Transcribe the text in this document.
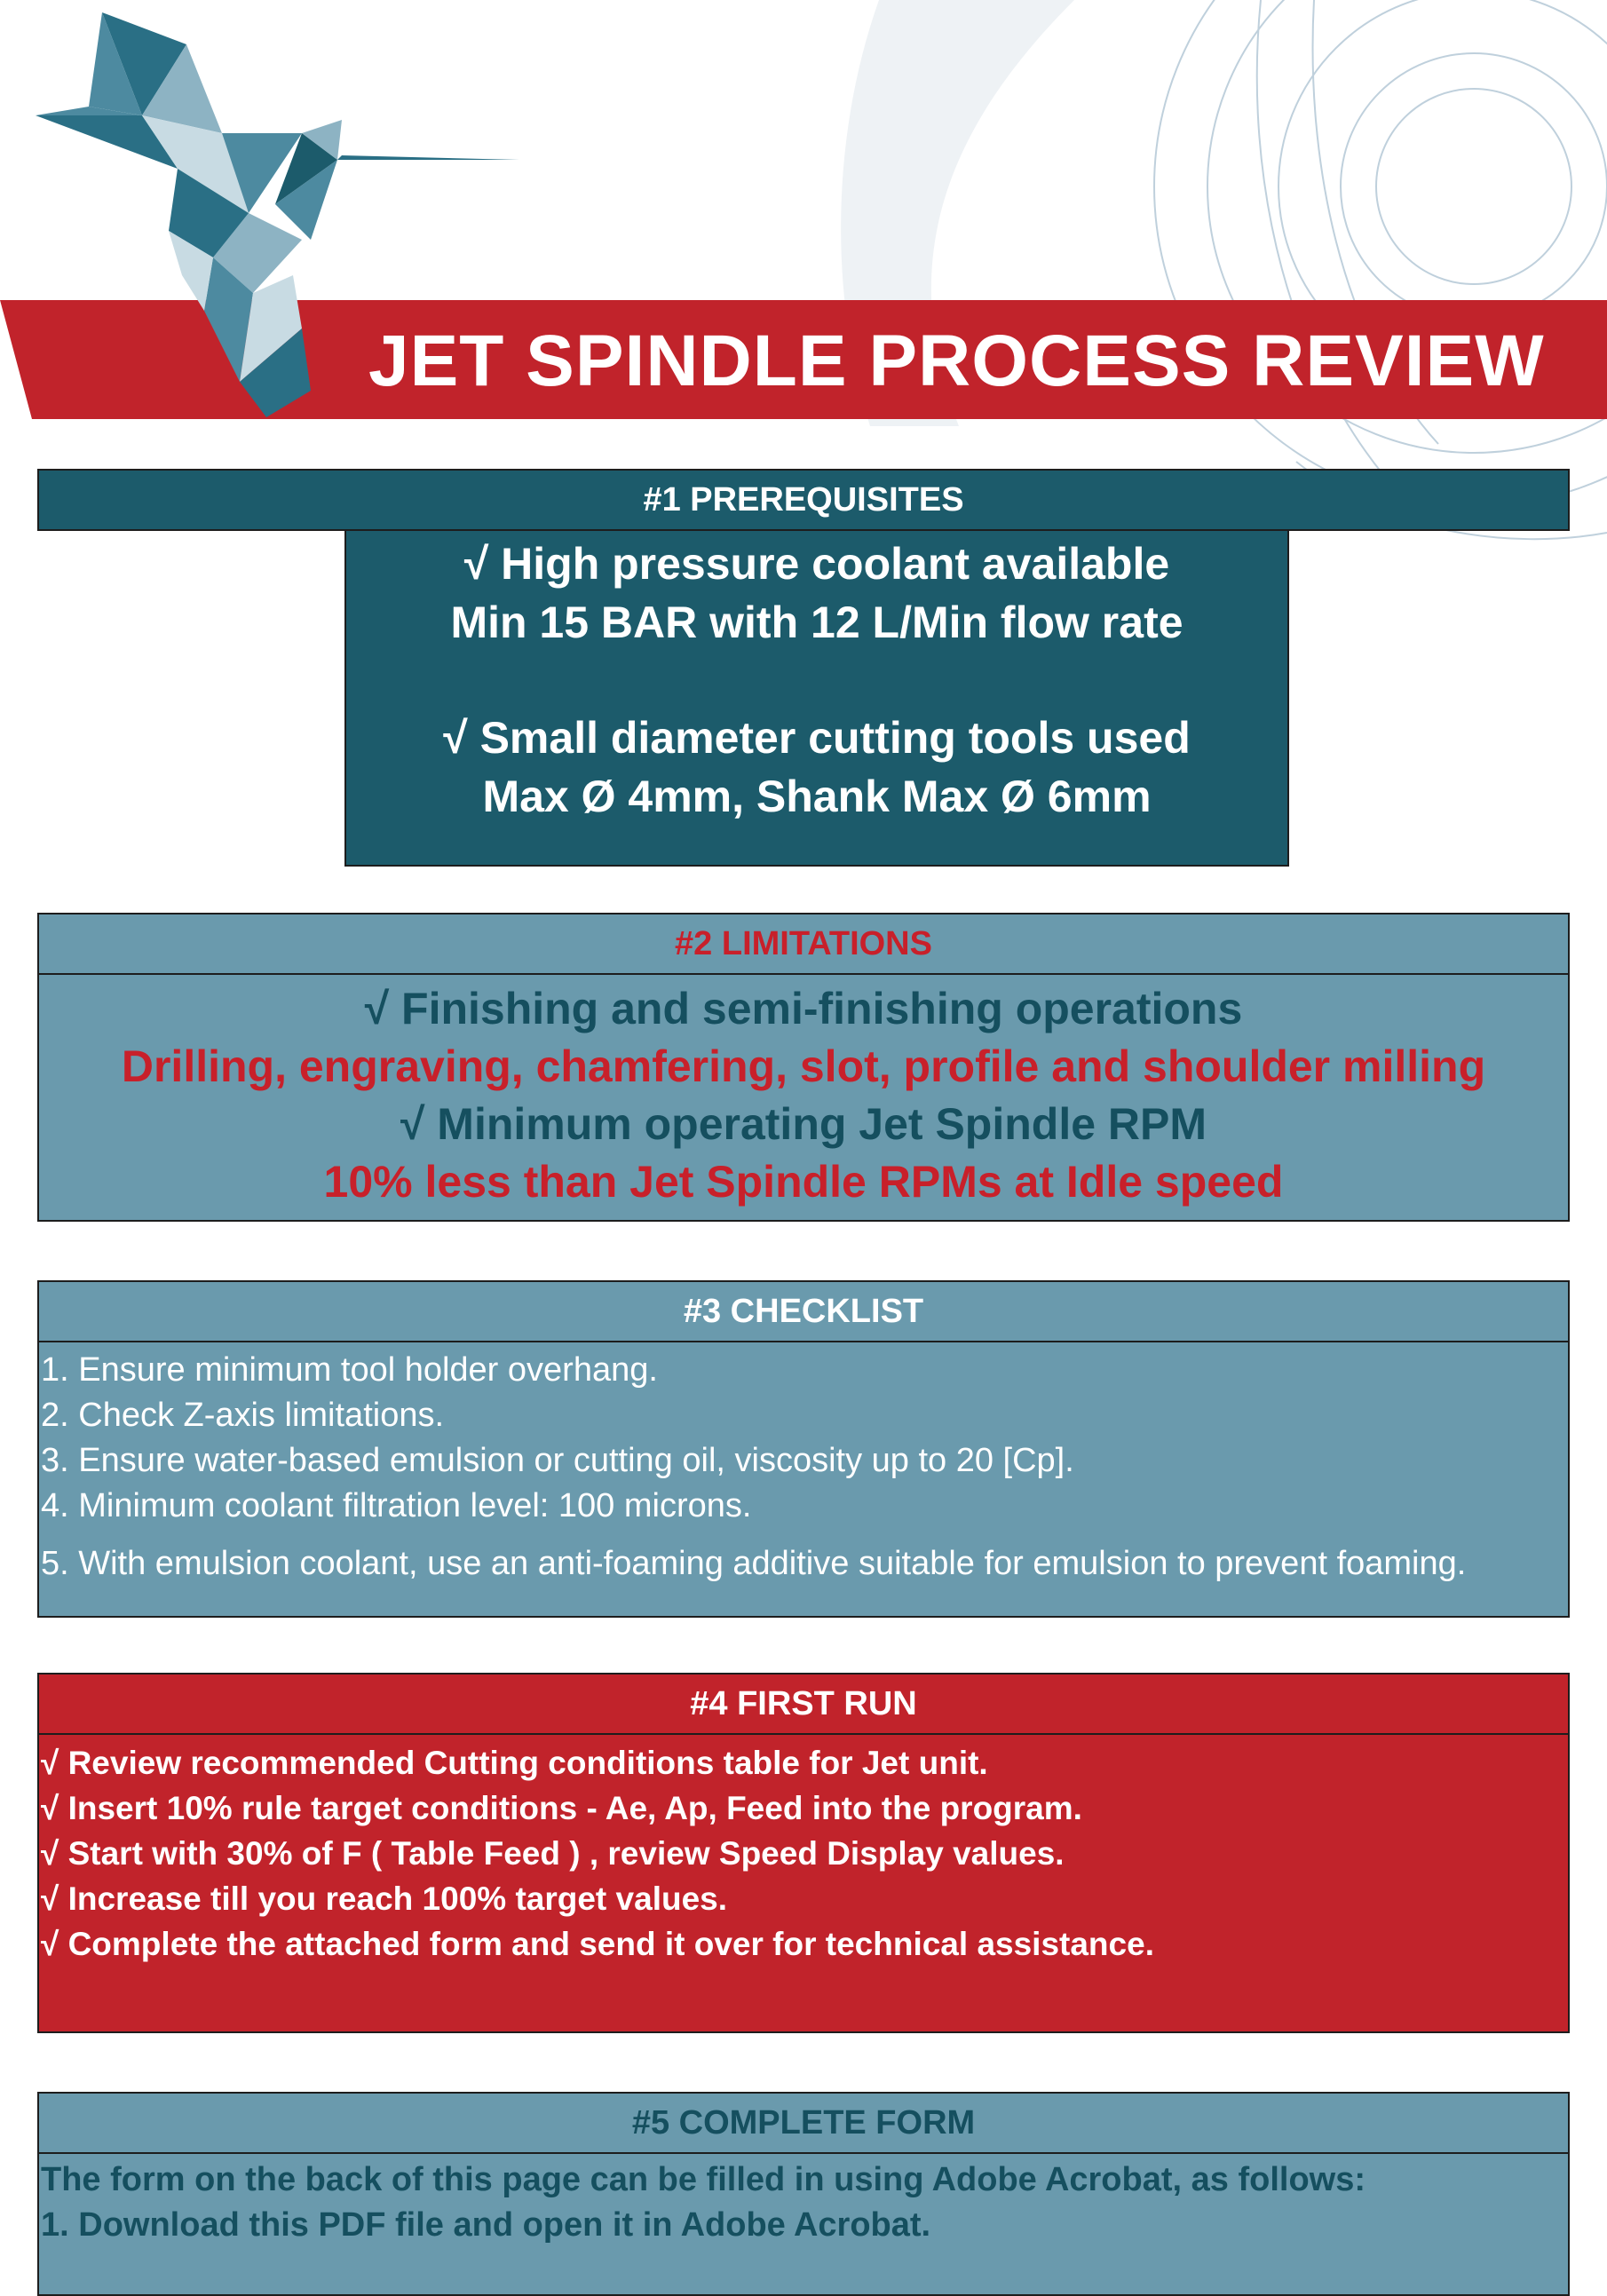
JET SPINDLE PROCESS REVIEW
#1 PREREQUISITES
√ High pressure coolant available
Min 15 BAR with 12 L/Min flow rate
√ Small diameter cutting tools used
Max Ø 4mm, Shank Max Ø 6mm
#2 LIMITATIONS
√ Finishing and semi-finishing operations
Drilling, engraving, chamfering, slot, profile and shoulder milling
√ Minimum operating Jet Spindle RPM
10% less than Jet Spindle RPMs at Idle speed
#3 CHECKLIST
1. Ensure minimum tool holder overhang.
2. Check Z-axis limitations.
3. Ensure water-based emulsion or cutting oil, viscosity up to 20 [Cp].
4. Minimum coolant filtration level: 100 microns.
5. With emulsion coolant, use an anti-foaming additive suitable for emulsion to prevent foaming.
#4 FIRST RUN
√ Review recommended Cutting conditions table for Jet unit.
√ Insert 10% rule target conditions - Ae, Ap, Feed into the program.
√ Start with 30% of F ( Table Feed ) , review Speed Display values.
√ Increase till you reach 100% target values.
√ Complete the attached form and send it over for technical assistance.
#5 COMPLETE FORM
The form on the back of this page can be filled in using Adobe Acrobat, as follows:
1. Download this PDF file and open it in Adobe Acrobat.
